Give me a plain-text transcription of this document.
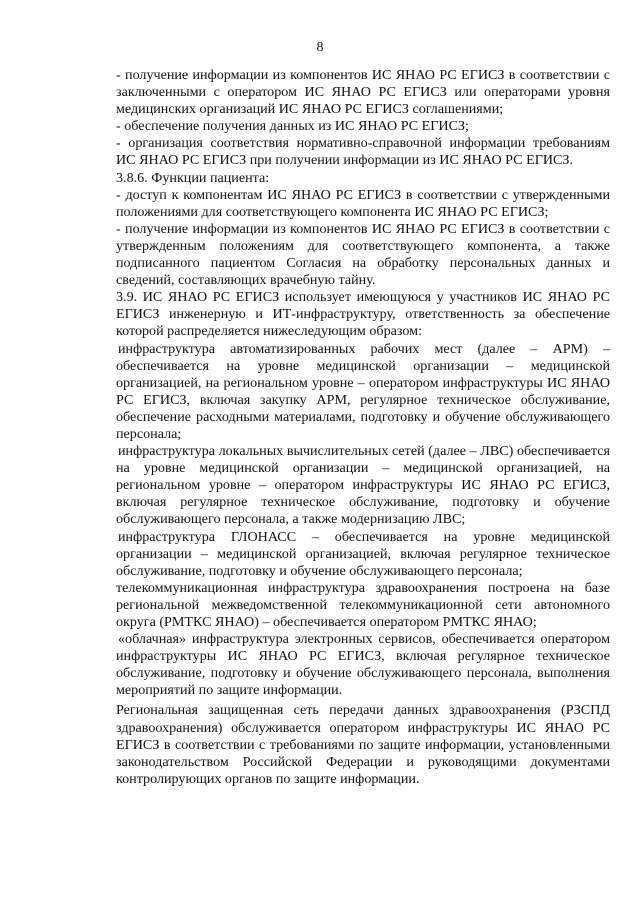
8

- получение информации из компонентов ИС ЯНАО РС ЕГИСЗ в соответствии с заключенными с оператором ИС ЯНАО РС ЕГИСЗ или операторами уровня медицинских организаций ИС ЯНАО РС ЕГИСЗ соглашениями;

- обеспечение получения данных из ИС ЯНАО РС ЕГИСЗ;

- организация соответствия нормативно-справочной информации требованиям ИС ЯНАО РС ЕГИСЗ при получении информации из ИС ЯНАО РС ЕГИСЗ.

3.8.6. Функции пациента:

- доступ к компонентам ИС ЯНАО РС ЕГИСЗ в соответствии с утвержденными положениями для соответствующего компонента ИС ЯНАО РС ЕГИСЗ;

- получение информации из компонентов ИС ЯНАО РС ЕГИСЗ в соответствии с утвержденным положениям для соответствующего компонента, а также подписанного пациентом Согласия на обработку персональных данных и сведений, составляющих врачебную тайну.

3.9. ИС ЯНАО РС ЕГИСЗ использует имеющуюся у участников ИС ЯНАО РС ЕГИСЗ инженерную и ИТ-инфраструктуру, ответственность за обеспечение которой распределяется нижеследующим образом:

инфраструктура автоматизированных рабочих мест (далее – АРМ) – обеспечивается на уровне медицинской организации – медицинской организацией, на региональном уровне – оператором инфраструктуры ИС ЯНАО РС ЕГИСЗ, включая закупку АРМ, регулярное техническое обслуживание, обеспечение расходными материалами, подготовку и обучение обслуживающего персонала;

инфраструктура локальных вычислительных сетей (далее – ЛВС) обеспечивается на уровне медицинской организации – медицинской организацией, на региональном уровне – оператором инфраструктуры ИС ЯНАО РС ЕГИСЗ, включая регулярное техническое обслуживание, подготовку и обучение обслуживающего персонала, а также модернизацию ЛВС;

инфраструктура ГЛОНАСС – обеспечивается на уровне медицинской организации – медицинской организацией, включая регулярное техническое обслуживание, подготовку и обучение обслуживающего персонала;

телекоммуникационная инфраструктура здравоохранения построена на базе региональной межведомственной телекоммуникационной сети автономного округа (РМТКС ЯНАО) – обеспечивается оператором РМТКС ЯНАО;

«облачная» инфраструктура электронных сервисов, обеспечивается оператором инфраструктуры ИС ЯНАО РС ЕГИСЗ, включая регулярное техническое обслуживание, подготовку и обучение обслуживающего персонала, выполнения мероприятий по защите информации.

Региональная защищенная сеть передачи данных здравоохранения (РЗСПД здравоохранения) обслуживается оператором инфраструктуры ИС ЯНАО РС ЕГИСЗ в соответствии с требованиями по защите информации, установленными законодательством Российской Федерации и руководящими документами контролирующих органов по защите информации.
